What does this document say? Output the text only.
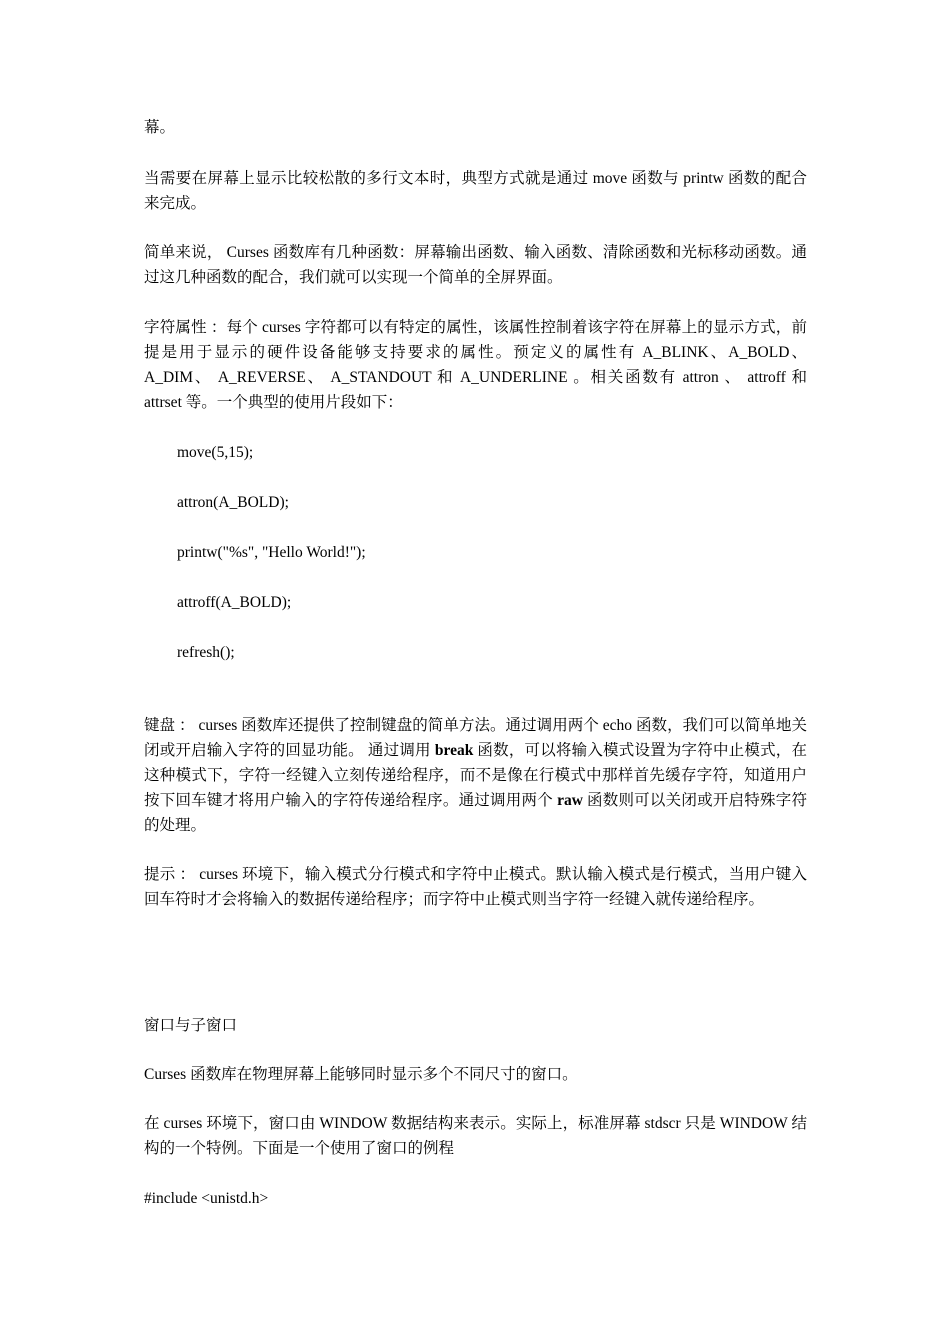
幕。

当需要在屏幕上显示比较松散的多行文本时，典型方式就是通过 move 函数与 printw 函数的配合来完成。

简单来说， Curses 函数库有几种函数：屏幕输出函数、输入函数、清除函数和光标移动函数。通过这几种函数的配合，我们就可以实现一个简单的全屏界面。

字符属性 ：每个 curses 字符都可以有特定的属性，该属性控制着该字符在屏幕上的显示方式，前提是用于显示的硬件设备能够支持要求的属性。预定义的属性有 A_BLINK、A_BOLD、 A_DIM、 A_REVERSE、 A_STANDOUT 和 A_UNDERLINE 。相关函数有 attron 、 attroff 和 attrset 等。一个典型的使用片段如下：

move(5,15);

attron(A_BOLD);

printw("%s", "Hello World!");

attroff(A_BOLD);

refresh();

键盘 ： curses 函数库还提供了控制键盘的简单方法。通过调用两个 echo 函数，我们可以简单地关闭或开启输入字符的回显功能。 通过调用 break 函数，可以将输入模式设置为字符中止模式，在这种模式下，字符一经键入立刻传递给程序，而不是像在行模式中那样首先缓存字符，知道用户按下回车键才将用户输入的字符传递给程序。通过调用两个 raw 函数则可以关闭或开启特殊字符的处理。

提示 ： curses 环境下，输入模式分行模式和字符中止模式。默认输入模式是行模式，当用户键入回车符时才会将输入的数据传递给程序；而字符中止模式则当字符一经键入就传递给程序。

窗口与子窗口

Curses 函数库在物理屏幕上能够同时显示多个不同尺寸的窗口。

在 curses 环境下，窗口由 WINDOW 数据结构来表示。实际上，标准屏幕 stdscr 只是 WINDOW 结构的一个特例。下面是一个使用了窗口的例程

#include <unistd.h>
